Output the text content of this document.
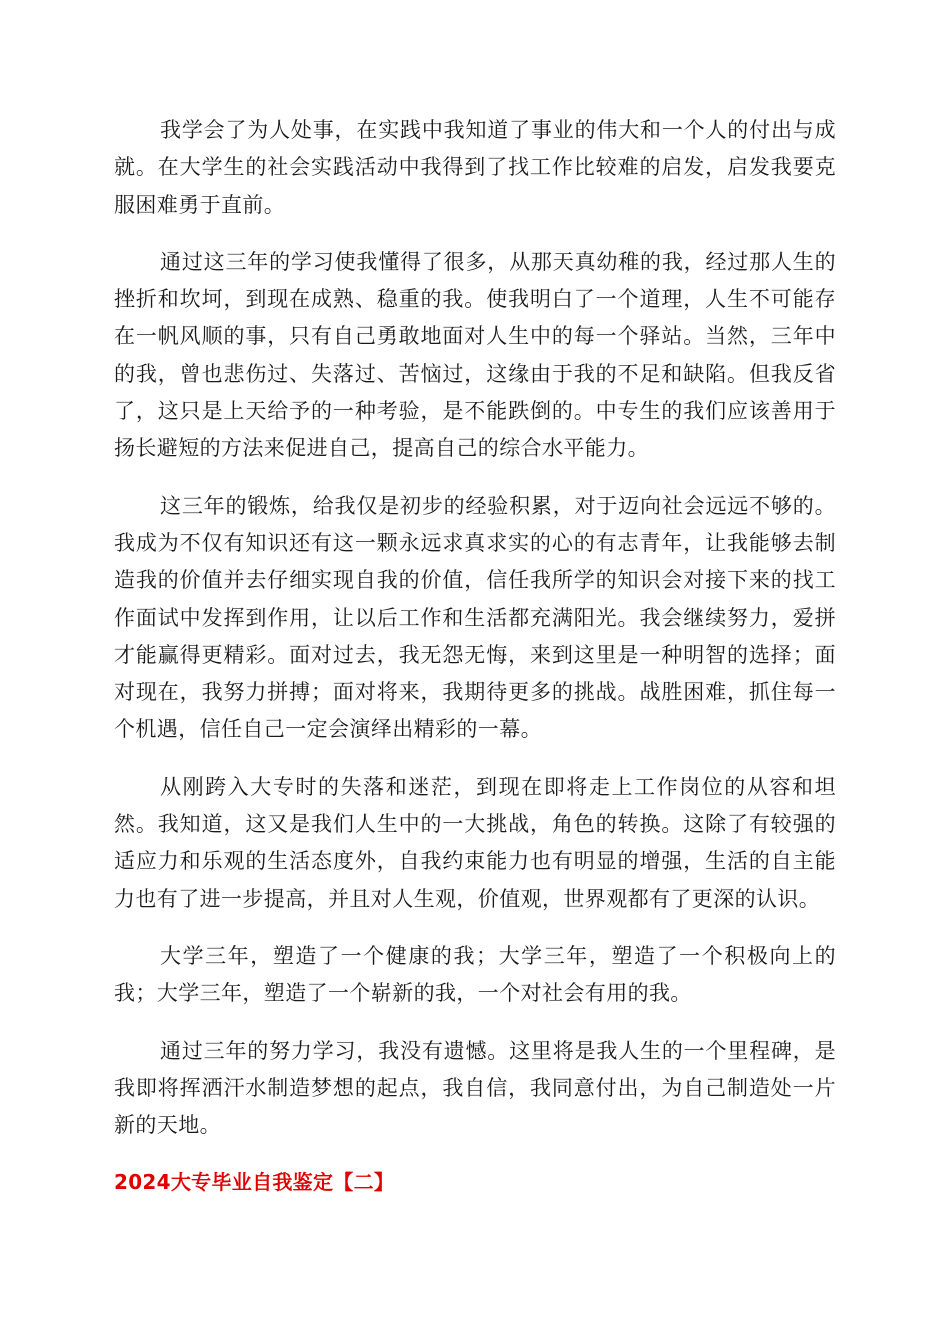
我学会了为人处事，在实践中我知道了事业的伟大和一个人的付出与成就。在大学生的社会实践活动中我得到了找工作比较难的启发，启发我要克服困难勇于直前。

通过这三年的学习使我懂得了很多，从那天真幼稚的我，经过那人生的挫折和坎坷，到现在成熟、稳重的我。使我明白了一个道理，人生不可能存在一帆风顺的事，只有自己勇敢地面对人生中的每一个驿站。当然，三年中的我，曾也悲伤过、失落过、苦恼过，这缘由于我的不足和缺陷。但我反省了，这只是上天给予的一种考验，是不能跌倒的。中专生的我们应该善用于扬长避短的方法来促进自己，提高自己的综合水平能力。

这三年的锻炼，给我仅是初步的经验积累，对于迈向社会远远不够的。我成为不仅有知识还有这一颗永远求真求实的心的有志青年，让我能够去制造我的价值并去仔细实现自我的价值，信任我所学的知识会对接下来的找工作面试中发挥到作用，让以后工作和生活都充满阳光。我会继续努力，爱拼才能赢得更精彩。面对过去，我无怨无悔，来到这里是一种明智的选择；面对现在，我努力拼搏；面对将来，我期待更多的挑战。战胜困难，抓住每一个机遇，信任自己一定会演绎出精彩的一幕。

从刚跨入大专时的失落和迷茫，到现在即将走上工作岗位的从容和坦然。我知道，这又是我们人生中的一大挑战，角色的转换。这除了有较强的适应力和乐观的生活态度外，自我约束能力也有明显的增强，生活的自主能力也有了进一步提高，并且对人生观，价值观，世界观都有了更深的认识。

大学三年，塑造了一个健康的我；大学三年，塑造了一个积极向上的我；大学三年，塑造了一个崭新的我，一个对社会有用的我。

通过三年的努力学习，我没有遗憾。这里将是我人生的一个里程碑，是我即将挥洒汗水制造梦想的起点，我自信，我同意付出，为自己制造处一片新的天地。

2024大专毕业自我鉴定【二】
